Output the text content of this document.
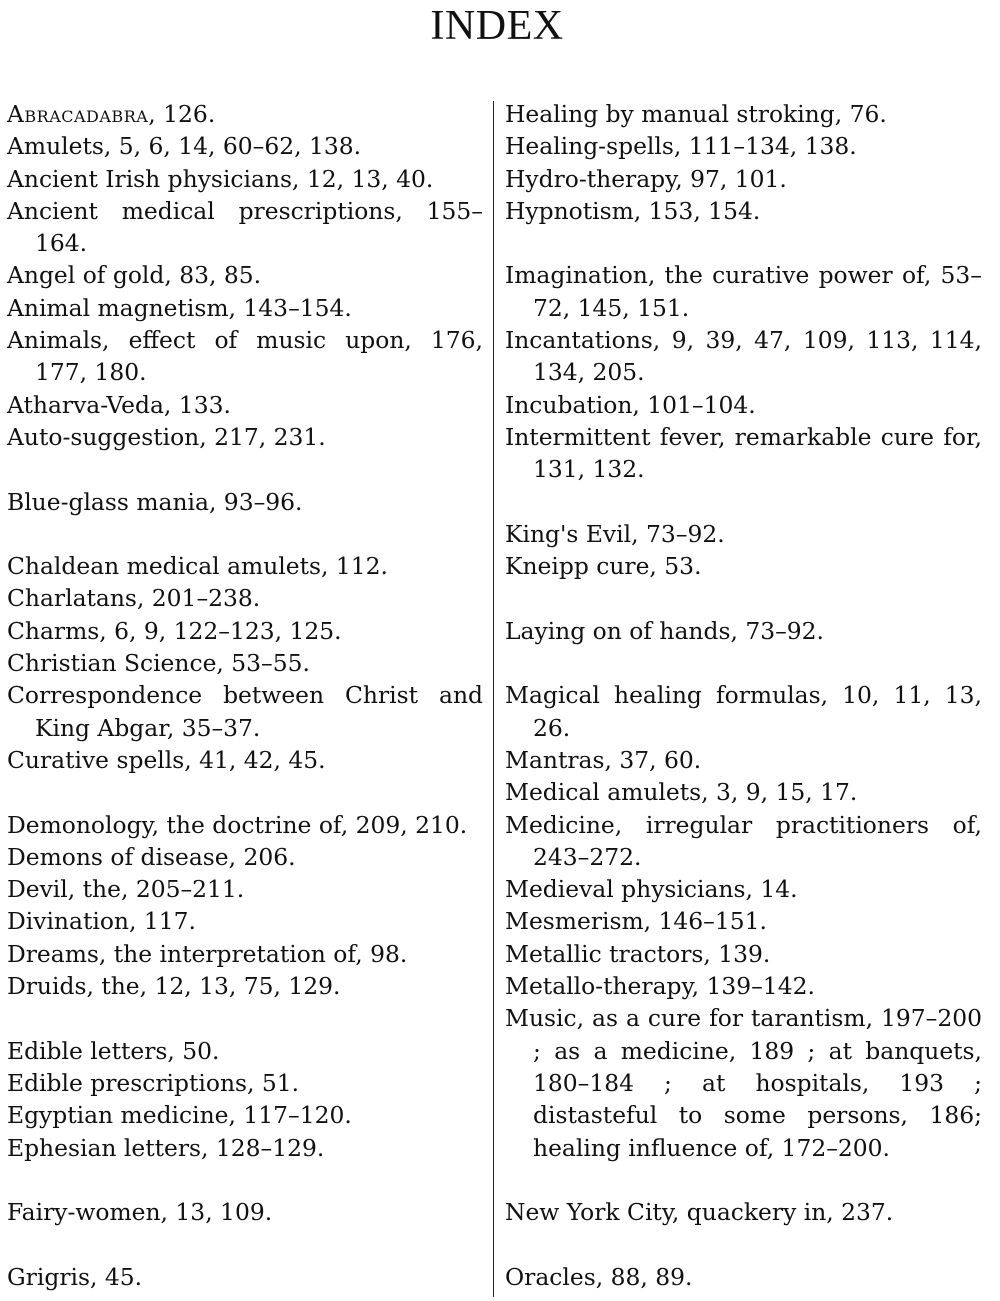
INDEX
Abracadabra, 126.
Amulets, 5, 6, 14, 60–62, 138.
Ancient Irish physicians, 12, 13, 40.
Ancient medical prescriptions, 155–164.
Angel of gold, 83, 85.
Animal magnetism, 143–154.
Animals, effect of music upon, 176, 177, 180.
Atharva-Veda, 133.
Auto-suggestion, 217, 231.
Blue-glass mania, 93–96.
Chaldean medical amulets, 112.
Charlatans, 201–238.
Charms, 6, 9, 122–123, 125.
Christian Science, 53–55.
Correspondence between Christ and King Abgar, 35–37.
Curative spells, 41, 42, 45.
Demonology, the doctrine of, 209, 210.
Demons of disease, 206.
Devil, the, 205–211.
Divination, 117.
Dreams, the interpretation of, 98.
Druids, the, 12, 13, 75, 129.
Edible letters, 50.
Edible prescriptions, 51.
Egyptian medicine, 117–120.
Ephesian letters, 128–129.
Fairy-women, 13, 109.
Grigris, 45.
Healing by manual stroking, 76.
Healing-spells, 111–134, 138.
Hydro-therapy, 97, 101.
Hypnotism, 153, 154.
Imagination, the curative power of, 53–72, 145, 151.
Incantations, 9, 39, 47, 109, 113, 114, 134, 205.
Incubation, 101–104.
Intermittent fever, remarkable cure for, 131, 132.
King's Evil, 73–92.
Kneipp cure, 53.
Laying on of hands, 73–92.
Magical healing formulas, 10, 11, 13, 26.
Mantras, 37, 60.
Medical amulets, 3, 9, 15, 17.
Medicine, irregular practitioners of, 243–272.
Medieval physicians, 14.
Mesmerism, 146–151.
Metallic tractors, 139.
Metallo-therapy, 139–142.
Music, as a cure for tarantism, 197–200 ; as a medicine, 189 ; at banquets, 180–184 ; at hospitals, 193 ; distasteful to some persons, 186; healing influence of, 172–200.
New York City, quackery in, 237.
Oracles, 88, 89.
